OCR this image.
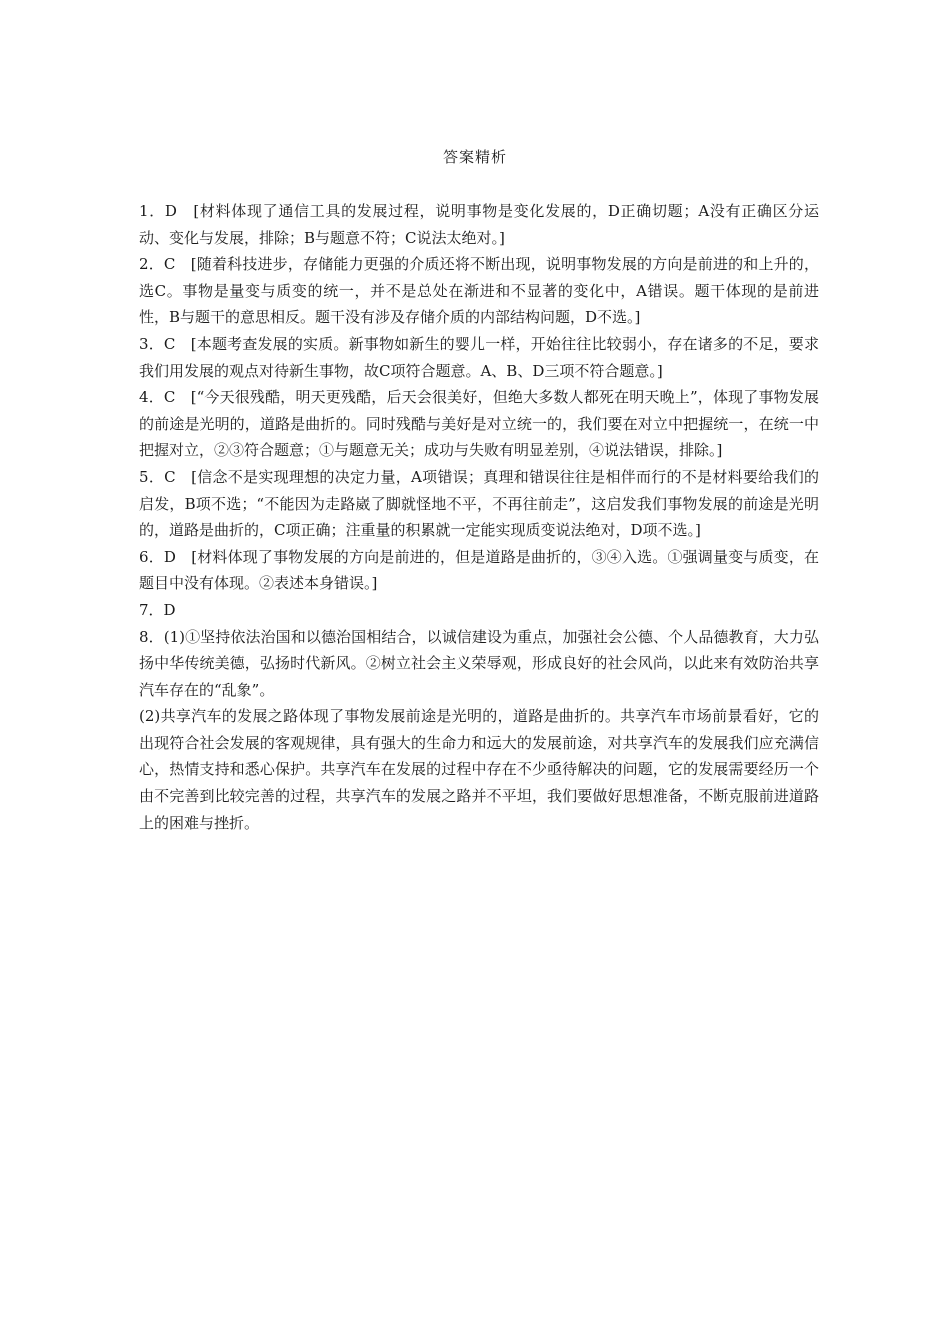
答案精析

1．D　[材料体现了通信工具的发展过程，说明事物是变化发展的，D正确切题；A没有正确区分运动、变化与发展，排除；B与题意不符；C说法太绝对。]

2．C　[随着科技进步，存储能力更强的介质还将不断出现，说明事物发展的方向是前进的和上升的，选C。事物是量变与质变的统一，并不是总处在渐进和不显著的变化中，A错误。题干体现的是前进性，B与题干的意思相反。题干没有涉及存储介质的内部结构问题，D不选。]

3．C　[本题考查发展的实质。新事物如新生的婴儿一样，开始往往比较弱小，存在诸多的不足，要求我们用发展的观点对待新生事物，故C项符合题意。A、B、D三项不符合题意。]

4．C　[“今天很残酷，明天更残酷，后天会很美好，但绝大多数人都死在明天晚上”，体现了事物发展的前途是光明的，道路是曲折的。同时残酷与美好是对立统一的，我们要在对立中把握统一，在统一中把握对立，②③符合题意；①与题意无关；成功与失败有明显差别，④说法错误，排除。]

5．C　[信念不是实现理想的决定力量，A项错误；真理和错误往往是相伴而行的不是材料要给我们的启发，B项不选；“不能因为走路崴了脚就怪地不平，不再往前走”，这启发我们事物发展的前途是光明的，道路是曲折的，C项正确；注重量的积累就一定能实现质变说法绝对，D项不选。]

6．D　[材料体现了事物发展的方向是前进的，但是道路是曲折的，③④入选。①强调量变与质变，在题目中没有体现。②表述本身错误。]

7．D

8．(1)①坚持依法治国和以德治国相结合，以诚信建设为重点，加强社会公德、个人品德教育，大力弘扬中华传统美德，弘扬时代新风。②树立社会主义荣辱观，形成良好的社会风尚，以此来有效防治共享汽车存在的“乱象”。

(2)共享汽车的发展之路体现了事物发展前途是光明的，道路是曲折的。共享汽车市场前景看好，它的出现符合社会发展的客观规律，具有强大的生命力和远大的发展前途，对共享汽车的发展我们应充满信心，热情支持和悉心保护。共享汽车在发展的过程中存在不少亟待解决的问题，它的发展需要经历一个由不完善到比较完善的过程，共享汽车的发展之路并不平坦，我们要做好思想准备，不断克服前进道路上的困难与挫折。
